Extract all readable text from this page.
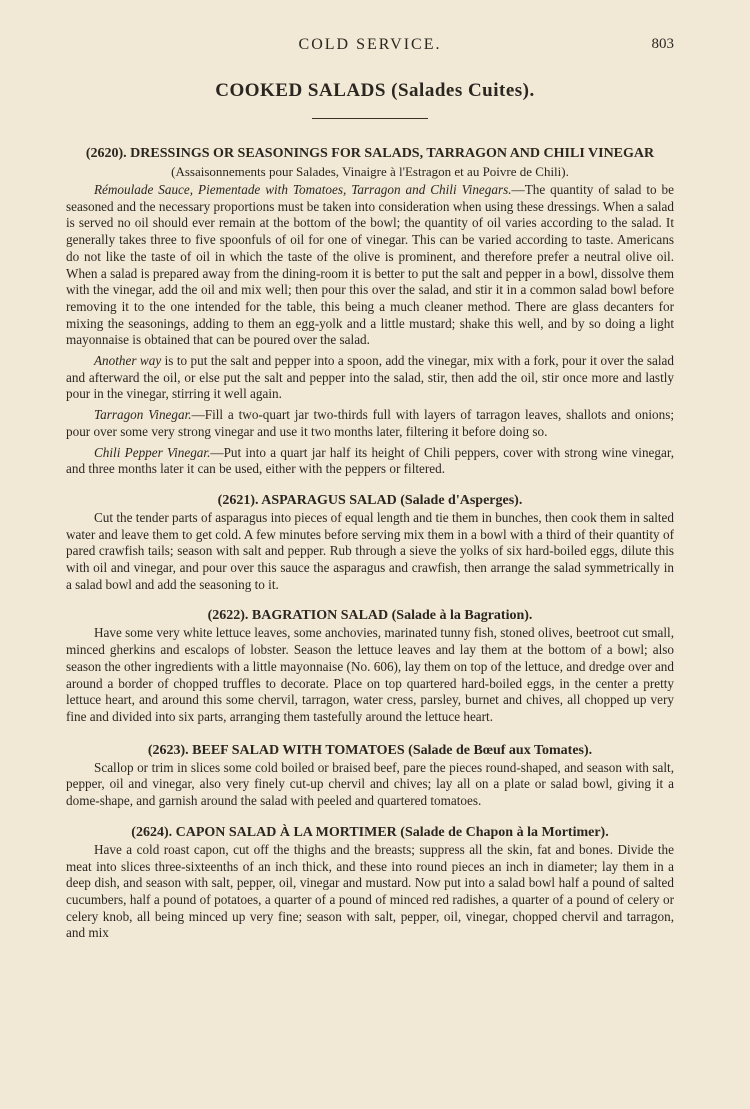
COLD SERVICE.	803
COOKED SALADS (Salades Cuites).
(2620). DRESSINGS OR SEASONINGS FOR SALADS, TARRAGON AND CHILI VINEGAR
(Assaisonnements pour Salades, Vinaigre à l'Estragon et au Poivre de Chili).

Rémoulade Sauce, Piementade with Tomatoes, Tarragon and Chili Vinegars.—The quantity of salad to be seasoned and the necessary proportions must be taken into consideration when using these dressings. When a salad is served no oil should ever remain at the bottom of the bowl; the quantity of oil varies according to the salad. It generally takes three to five spoonfuls of oil for one of vinegar. This can be varied according to taste. Americans do not like the taste of oil in which the taste of the olive is prominent, and therefore prefer a neutral olive oil. When a salad is prepared away from the dining-room it is better to put the salt and pepper in a bowl, dissolve them with the vinegar, add the oil and mix well; then pour this over the salad, and stir it in a common salad bowl before removing it to the one intended for the table, this being a much cleaner method. There are glass decanters for mixing the seasonings, adding to them an egg-yolk and a little mustard; shake this well, and by so doing a light mayonnaise is obtained that can be poured over the salad.

Another way is to put the salt and pepper into a spoon, add the vinegar, mix with a fork, pour it over the salad and afterward the oil, or else put the salt and pepper into the salad, stir, then add the oil, stir once more and lastly pour in the vinegar, stirring it well again.

Tarragon Vinegar.—Fill a two-quart jar two-thirds full with layers of tarragon leaves, shallots and onions; pour over some very strong vinegar and use it two months later, filtering it before doing so.

Chili Pepper Vinegar.—Put into a quart jar half its height of Chili peppers, cover with strong wine vinegar, and three months later it can be used, either with the peppers or filtered.

(2621). ASPARAGUS SALAD (Salade d'Asperges).

Cut the tender parts of asparagus into pieces of equal length and tie them in bunches, then cook them in salted water and leave them to get cold. A few minutes before serving mix them in a bowl with a third of their quantity of pared crawfish tails; season with salt and pepper. Rub through a sieve the yolks of six hard-boiled eggs, dilute this with oil and vinegar, and pour over this sauce the asparagus and crawfish, then arrange the salad symmetrically in a salad bowl and add the seasoning to it.

(2622). BAGRATION SALAD (Salade à la Bagration).

Have some very white lettuce leaves, some anchovies, marinated tunny fish, stoned olives, beetroot cut small, minced gherkins and escalops of lobster. Season the lettuce leaves and lay them at the bottom of a bowl; also season the other ingredients with a little mayonnaise (No. 606), lay them on top of the lettuce, and dredge over and around a border of chopped truffles to decorate. Place on top quartered hard-boiled eggs, in the center a pretty lettuce heart, and around this some chervil, tarragon, water cress, parsley, burnet and chives, all chopped up very fine and divided into six parts, arranging them tastefully around the lettuce heart.

(2623). BEEF SALAD WITH TOMATOES (Salade de Bœuf aux Tomates).

Scallop or trim in slices some cold boiled or braised beef, pare the pieces round-shaped, and season with salt, pepper, oil and vinegar, also very finely cut-up chervil and chives; lay all on a plate or salad bowl, giving it a dome-shape, and garnish around the salad with peeled and quartered tomatoes.

(2624). CAPON SALAD À LA MORTIMER (Salade de Chapon à la Mortimer).

Have a cold roast capon, cut off the thighs and the breasts; suppress all the skin, fat and bones. Divide the meat into slices three-sixteenths of an inch thick, and these into round pieces an inch in diameter; lay them in a deep dish, and season with salt, pepper, oil, vinegar and mustard. Now put into a salad bowl half a pound of salted cucumbers, half a pound of potatoes, a quarter of a pound of minced red radishes, a quarter of a pound of celery or celery knob, all being minced up very fine; season with salt, pepper, oil, vinegar, chopped chervil and tarragon, and mix
